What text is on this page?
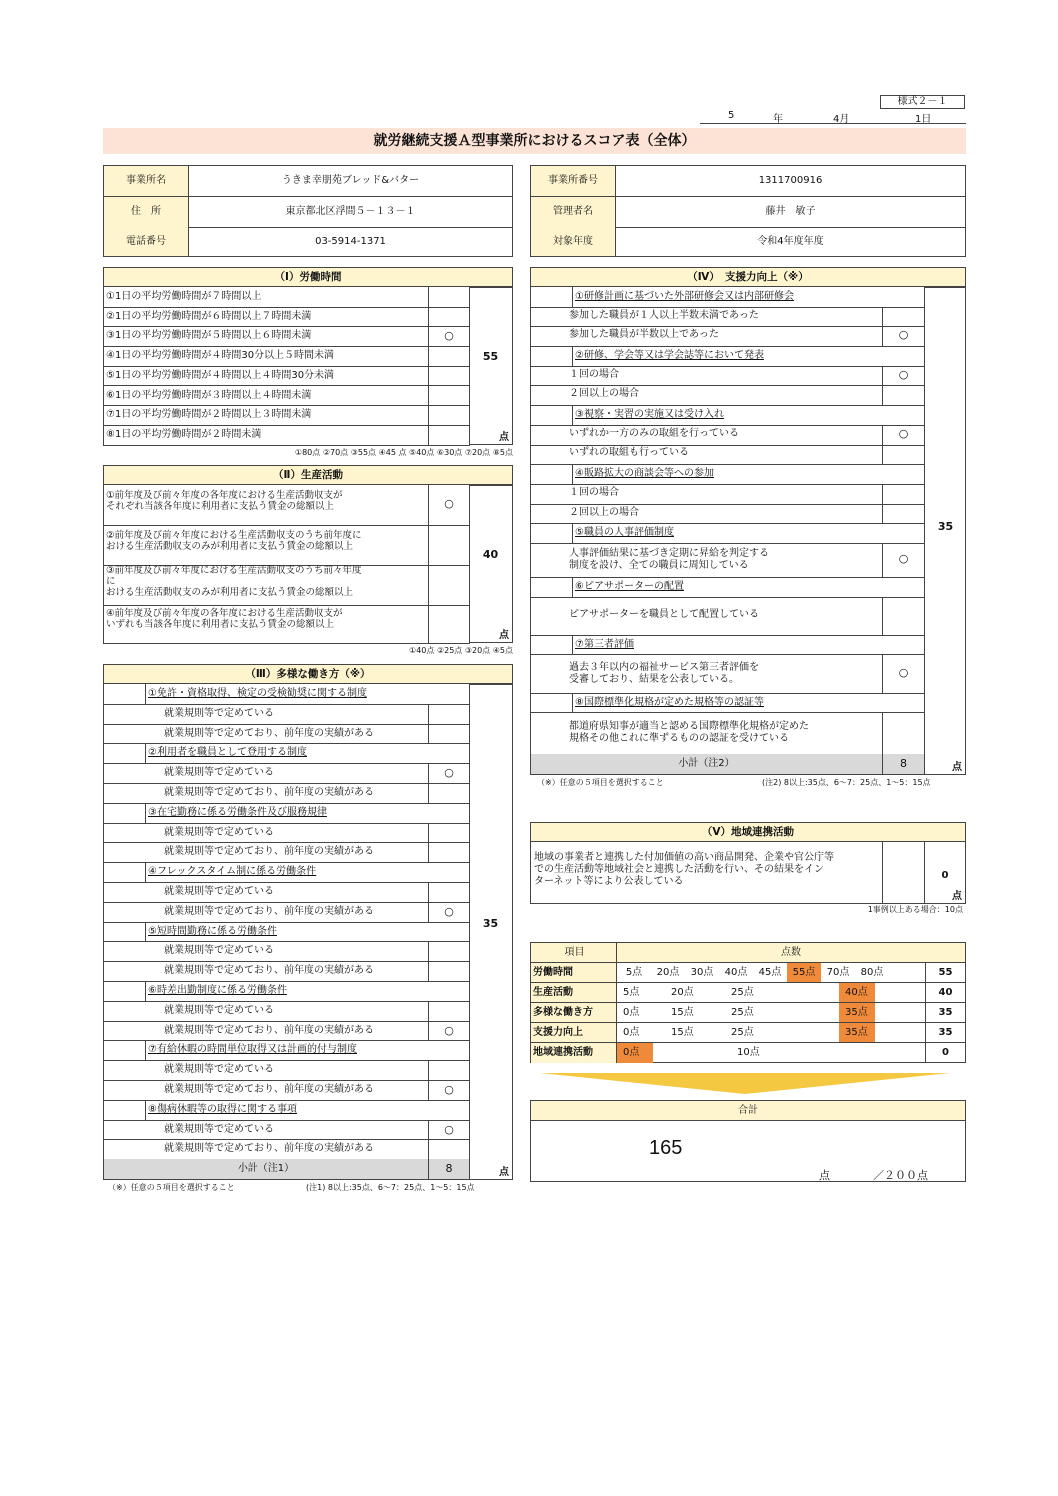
様式２－１
5	年	4月	1日
就労継続支援Ａ型事業所におけるスコア表（全体）
事業所名	うきま幸朋苑ブレッド&バター
住　所	東京都北区浮間５－１３－１
電話番号	03-5914-1371
事業所番号	1311700916
管理者名	藤井　敏子
対象年度	令和4年度年度
（Ⅰ）労働時間
①1日の平均労働時間が７時間以上
②1日の平均労働時間が６時間以上７時間未満
③1日の平均労働時間が５時間以上６時間未満	○
④1日の平均労働時間が４時間30分以上５時間未満
⑤1日の平均労働時間が４時間以上４時間30分未満
⑥1日の平均労働時間が３時間以上４時間未満
⑦1日の平均労働時間が２時間以上３時間未満
⑧1日の平均労働時間が２時間未満
55
点
①80点 ②70点 ③55点 ④45 点 ⑤40点 ⑥30点 ⑦20点 ⑧5点
（Ⅱ）生産活動
①前年度及び前々年度の各年度における生産活動収支が
それぞれ当該各年度に利用者に支払う賃金の総額以上	○
②前年度及び前々年度における生産活動収支のうち前年度に
おける生産活動収支のみが利用者に支払う賃金の総額以上
③前年度及び前々年度における生産活動収支のうち前々年度
に
おける生産活動収支のみが利用者に支払う賃金の総額以上
④前年度及び前々年度の各年度における生産活動収支が
いずれも当該各年度に利用者に支払う賃金の総額以上
40
点
①40点 ②25点 ③20点 ④5点
（Ⅲ）多様な働き方（※）
①免許・資格取得、検定の受検勧奨に関する制度
就業規則等で定めている
就業規則等で定めており、前年度の実績がある
②利用者を職員として登用する制度
就業規則等で定めている	○
就業規則等で定めており、前年度の実績がある
③在宅勤務に係る労働条件及び服務規律
就業規則等で定めている
就業規則等で定めており、前年度の実績がある
④フレックスタイム制に係る労働条件
就業規則等で定めている
就業規則等で定めており、前年度の実績がある	○
⑤短時間勤務に係る労働条件
就業規則等で定めている
就業規則等で定めており、前年度の実績がある
⑥時差出勤制度に係る労働条件
就業規則等で定めている
就業規則等で定めており、前年度の実績がある	○
⑦有給休暇の時間単位取得又は計画的付与制度
就業規則等で定めている
就業規則等で定めており、前年度の実績がある	○
⑧傷病休暇等の取得に関する事項
就業規則等で定めている	○
就業規則等で定めており、前年度の実績がある
小計（注1）	8
35
点
（※）任意の５項目を選択すること	(注1) 8以上:35点、6～7：25点、1～5：15点
（Ⅳ）　支援力向上（※）
①研修計画に基づいた外部研修会又は内部研修会
参加した職員が１人以上半数未満であった
参加した職員が半数以上であった	○
②研修、学会等又は学会誌等において発表
１回の場合	○
２回以上の場合
③視察・実習の実施又は受け入れ
いずれか一方のみの取組を行っている	○
いずれの取組も行っている
④販路拡大の商談会等への参加
１回の場合
２回以上の場合
⑤職員の人事評価制度
人事評価結果に基づき定期に昇給を判定する
制度を設け、全ての職員に周知している
○
⑥ピアサポーターの配置
ピアサポーターを職員として配置している
⑦第三者評価
過去３年以内の福祉サービス第三者評価を
受審しており、結果を公表している。
○
⑧国際標準化規格が定めた規格等の認証等
都道府県知事が適当と認める国際標準化規格が定めた
規格その他これに準ずるものの認証を受けている
小計（注2）	8
35
点
（※）任意の５項目を選択すること	(注2) 8以上:35点、6～7：25点、1～5：15点
（Ⅴ）地域連携活動
地域の事業者と連携した付加価値の高い商品開発、企業や官公庁等
での生産活動等地域社会と連携した活動を行い、その結果をイン
ターネット等により公表している
0
点
1事例以上ある場合：10点
項目	点数
労働時間	5点	20点	30点	40点	45点	55点	70点	80点	55
生産活動	5点	20点	25点	40点	40
多様な働き方	0点	15点	25点	35点	35
支援力向上	0点	15点	25点	35点	35
地域連携活動	0点	10点	0
合計
165
点	／２００点
